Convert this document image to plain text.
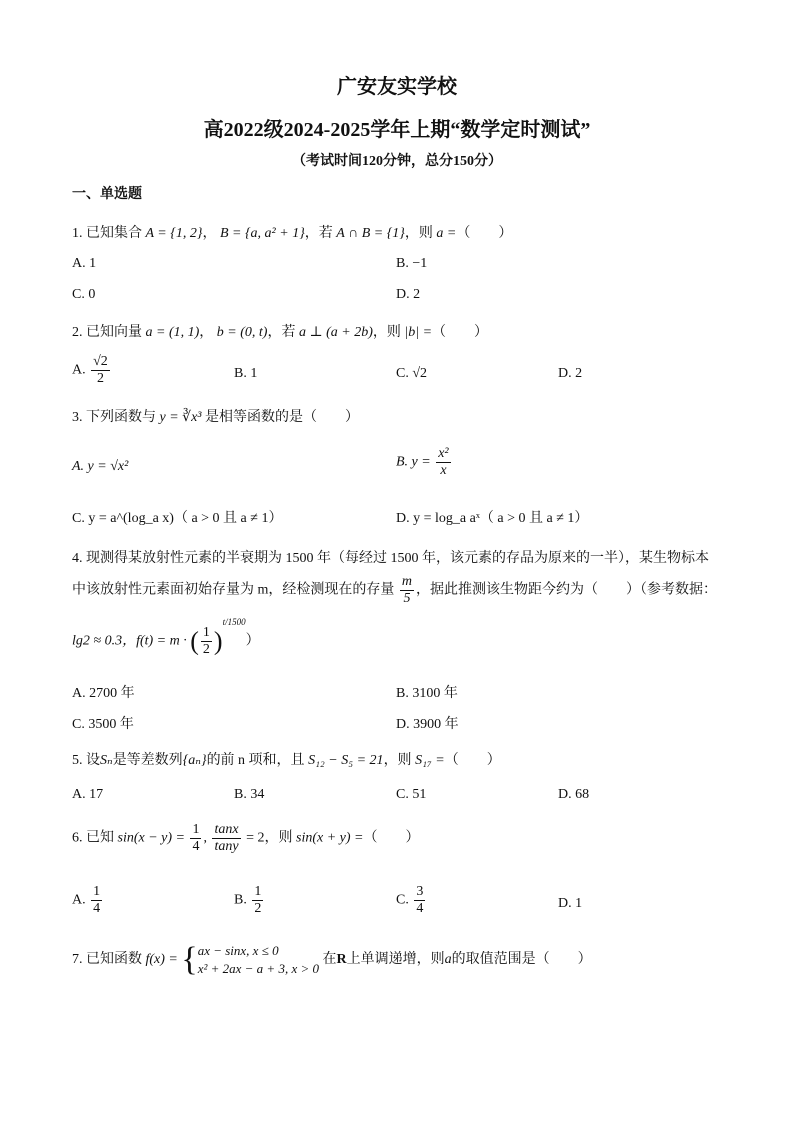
广安友实学校
高2022级2024-2025学年上期“数学定时测试”
（考试时间120分钟，总分150分）
一、单选题
1. 已知集合 A = {1, 2}， B = {a, a² + 1}，若 A ∩ B = {1}，则 a =（　　）
A. 1	B. −1
C. 0	D. 2
2. 已知向量 a = (1, 1)， b = (0, t)，若 a ⊥ (a + 2b)，则 |b| =（　　）
A. $\frac{√2}{2}$	B. 1	C. √2	D. 2
3. 下列函数与 y = ∛x³ 是相等函数的是（　　）
A. y = √x²	B. $y = \frac{\text{x²}}{x}$
C. y = a^(log_a x)（ a > 0 且 a ≠ 1）	D. y = log_a aˣ（ a > 0 且 a ≠ 1）
4. 现测得某放射性元素的半衰期为 1500 年（每经过 1500 年，该元素的存品为原来的一半），某生物标本
中该放射性元素面初始存量为 m，经检测现在的存量 $\frac{m}{5}$ ，据此推测该生物距今约为（　　）（参考数据：
lg2 ≈ 0.3，f(t) = m · ( $\frac{1}{2} )^{t/1500}$）
A. 2700 年	B. 3100 年
C. 3500 年	D. 3900 年
5. 设Sₙ是等差数列{aₙ}的前 n 项和，且 S₁₂ − S₅ = 21，则 S₁₇ =（　　）
A. 17	B. 34	C. 51	D. 68
6. 已知 $\sin(x - y) = \frac{1}{4}$ , $\frac{\tan x}{\tan y} = 2$，则 sin(x + y) =（　　）
A. $\frac{1}{4}$	B. $\frac{1}{2}$	C. $\frac{3}{4}$	D. 1
7. 已知函数 f(x) = { ax − sinx, x ≤ 0
x² + 2ax − a + 3, x > 0
在R上单调递增，则a的取值范围是（　　）
